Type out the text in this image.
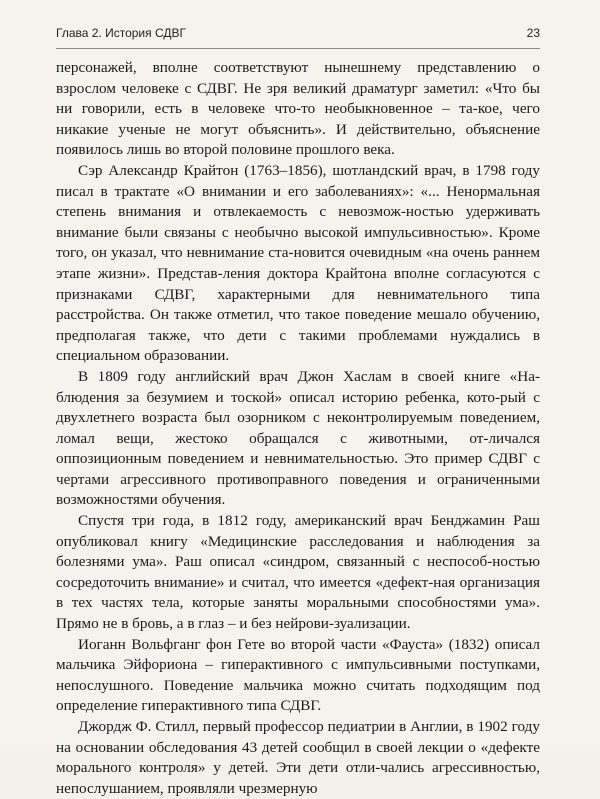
Глава 2. История СДВГ	23

персонажей, вполне соответствуют нынешнему представлению о взрослом человеке с СДВГ. Не зря великий драматург заметил: «Что бы ни говорили, есть в человеке что-то необыкновенное – та-кое, чего никакие ученые не могут объяснить». И действительно, объяснение появилось лишь во второй половине прошлого века.

Сэр Александр Крайтон (1763–1856), шотландский врач, в 1798 году писал в трактате «О внимании и его заболеваниях»: «... Ненормальная степень внимания и отвлекаемость с невозмож-ностью удерживать внимание были связаны с необычно высокой импульсивностью». Кроме того, он указал, что невнимание ста-новится очевидным «на очень раннем этапе жизни». Представ-ления доктора Крайтона вполне согласуются с признаками СДВГ, характерными для невнимательного типа расстройства. Он также отметил, что такое поведение мешало обучению, предполагая также, что дети с такими проблемами нуждались в специальном образовании.

В 1809 году английский врач Джон Хаслам в своей книге «На-блюдения за безумием и тоской» описал историю ребенка, кото-рый с двухлетнего возраста был озорником с неконтролируемым поведением, ломал вещи, жестоко обращался с животными, от-личался оппозиционным поведением и невнимательностью. Это пример СДВГ с чертами агрессивного противоправного поведения и ограниченными возможностями обучения.

Спустя три года, в 1812 году, американский врач Бенджамин Раш опубликовал книгу «Медицинские расследования и наблюдения за болезнями ума». Раш описал «синдром, связанный с неспособ-ностью сосредоточить внимание» и считал, что имеется «дефект-ная организация в тех частях тела, которые заняты моральными способностями ума». Прямо не в бровь, а в глаз – и без нейрови-зуализации.

Иоганн Вольфганг фон Гете во второй части «Фауста» (1832) описал мальчика Эйфориона – гиперактивного с импульсивными поступками, непослушного. Поведение мальчика можно считать подходящим под определение гиперактивного типа СДВГ.

Джордж Ф. Стилл, первый профессор педиатрии в Англии, в 1902 году на основании обследования 43 детей сообщил в своей лекции о «дефекте морального контроля» у детей. Эти дети отли-чались агрессивностью, непослушанием, проявляли чрезмерную
